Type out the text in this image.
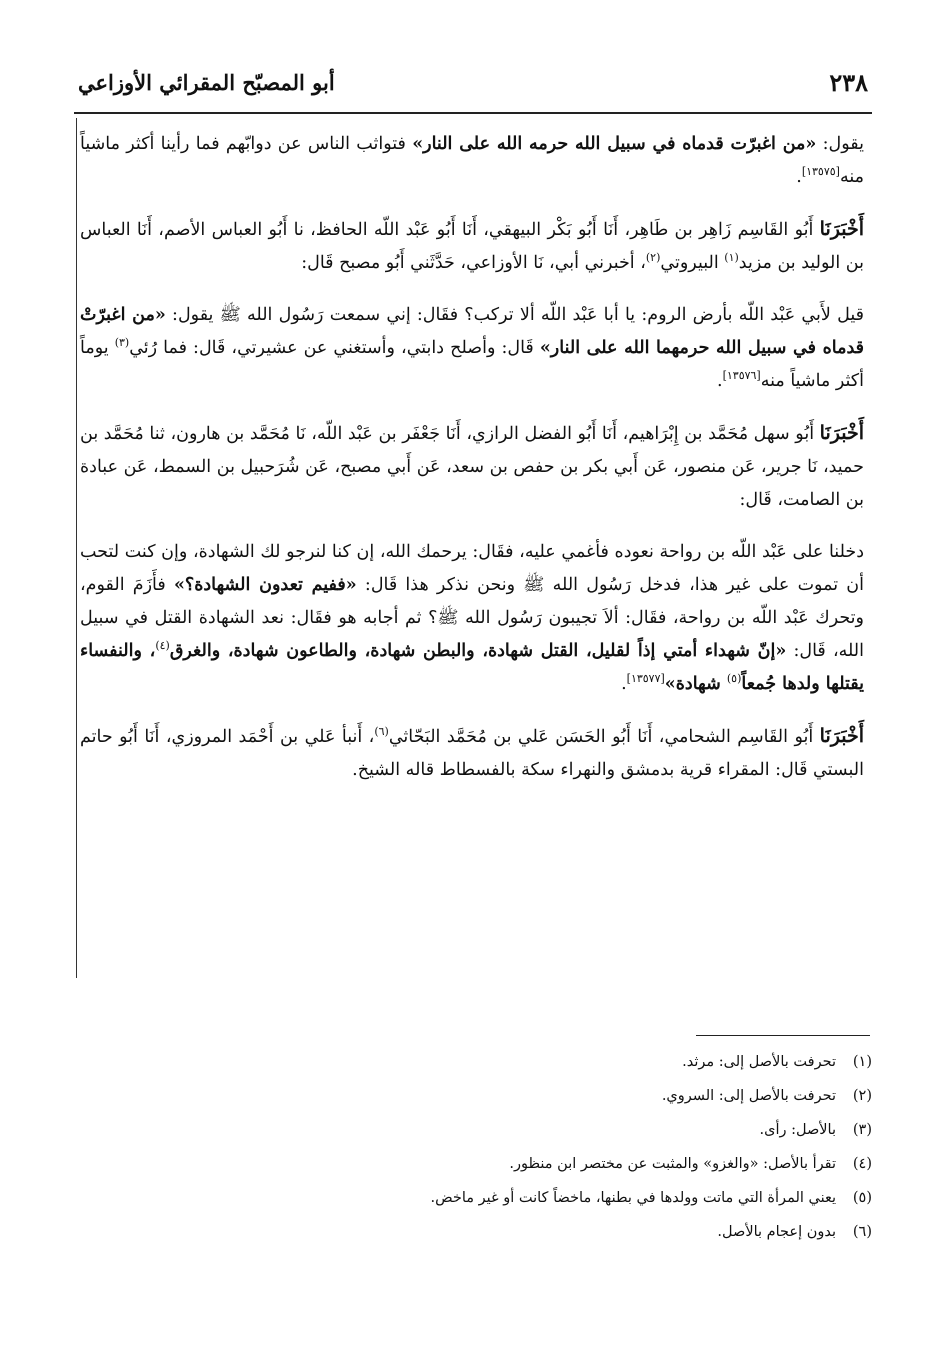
أبو المصبّح المقرائي الأوزاعي	٢٣٨

يقول: «من اغبرّت قدماه في سبيل الله حرمه الله على النار» فتواثب الناس عن دوابّهم فما رأينا أكثر ماشياً منه[١٣٥٧٥].

أَخْبَرَنَا أَبُو القَاسِم زَاهِر بن طَاهِر، أَنَا أَبُو بَكْر البيهقي، أَنَا أَبُو عَبْد اللّه الحافظ، نا أَبُو العباس الأصم، أَنَا العباس بن الوليد بن مزيد$^{(١)}$ البيروتي$^{(٢)}$، أخبرني أبي، نَا الأوزاعي، حَدَّثَني أَبُو مصبح قَال:

قيل لأَبي عَبْد اللّه بأرض الروم: يا أبا عَبْد اللّه ألا تركب؟ فقَال: إني سمعت رَسُول الله ﷺ يقول: «من اغبرّتْ قدماه في سبيل الله حرمهما الله على النار» قَال: وأصلح دابتي، وأستغني عن عشيرتي، قَال: فما رُئي$^{(٣)}$ يوماً أكثر ماشياً منه[١٣٥٧٦].

أَخْبَرَنَا أَبُو سهل مُحَمَّد بن إِبْرَاهيم، أَنَا أَبُو الفضل الرازي، أَنَا جَعْفَر بن عَبْد اللّه، نَا مُحَمَّد بن هارون، ثنا مُحَمَّد بن حميد، نَا جرير، عَن منصور، عَن أَبي بكر بن حفص بن سعد، عَن أَبي مصبح، عَن شُرَحبيل بن السمط، عَن عبادة بن الصامت، قَال:

دخلنا على عَبْد اللّه بن رواحة نعوده فأغمي عليه، فقَال: يرحمك الله، إن كنا لنرجو لك الشهادة، وإن كنت لتحب أن تموت على غير هذا، فدخل رَسُول الله ﷺ ونحن نذكر هذا قَال: «ففيم تعدون الشهادة؟» فأَزَمَ القوم، وتحرك عَبْد اللّه بن رواحة، فقَال: ألاَ تجيبون رَسُول الله ﷺ؟ ثم أجابه هو فقَال: نعد الشهادة القتل في سبيل الله، قَال: «إنّ شهداء أمتي إذاً لقليل، القتل شهادة، والبطن شهادة، والطاعون شهادة، والغرق$^{(٤)}$، والنفساء يقتلها ولدها جُمعاً$^{(٥)}$ شهادة»[١٣٥٧٧].

أَخْبَرَنَا أَبُو القَاسِم الشحامي، أَنَا أَبُو الحَسَن عَلي بن مُحَمَّد البَحّاثي$^{(٦)}$، أَنبأ عَلي بن أَحْمَد المروزي، أَنَا أَبُو حاتم البستي قَال: المقراء قرية بدمشق والنهراء سكة بالفسطاط قاله الشيخ.

(١)تحرفت بالأصل إلى: مرثد.
(٢)تحرفت بالأصل إلى: السروي.
(٣)بالأصل: رأى.
(٤)تقرأ بالأصل: «والغزو» والمثبت عن مختصر ابن منظور.
(٥)يعني المرأة التي ماتت وولدها في بطنها، ماخضاً كانت أو غير ماخض.
(٦)بدون إعجام بالأصل.
